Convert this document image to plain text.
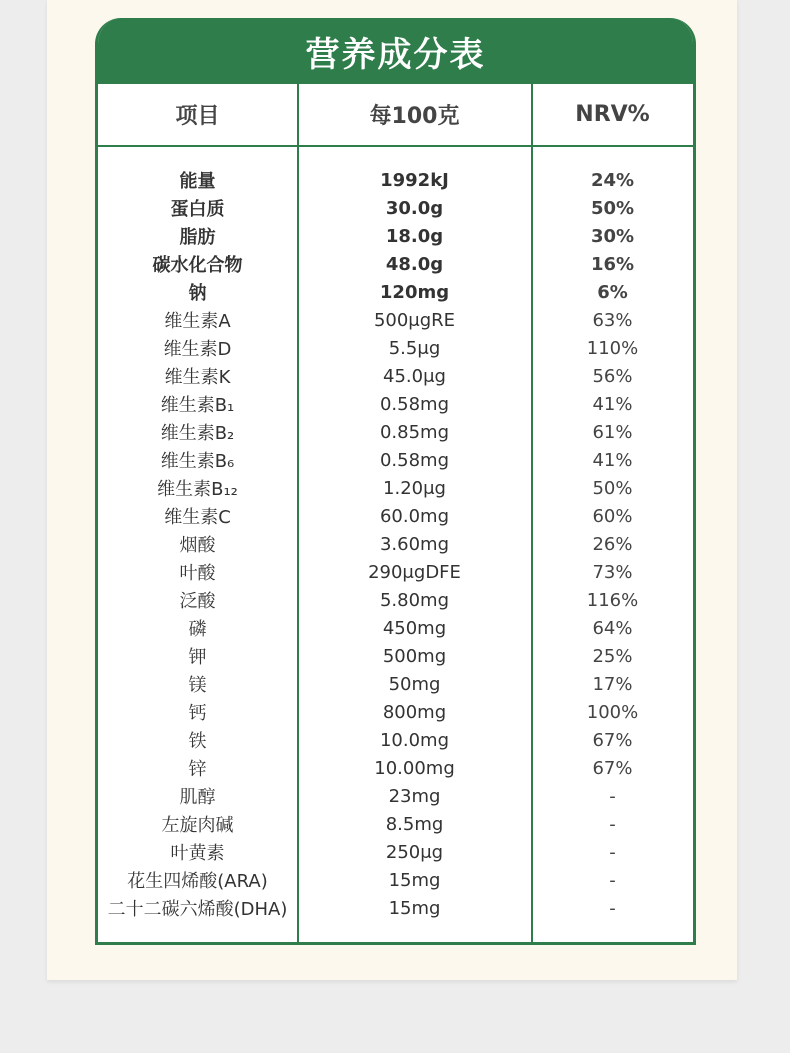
营养成分表
项目	每100克	NRV%
能量	1992kJ	24%
蛋白质	30.0g	50%
脂肪	18.0g	30%
碳水化合物	48.0g	16%
钠	120mg	6%
维生素A	500μgRE	63%
维生素D	5.5μg	110%
维生素K	45.0μg	56%
维生素B₁	0.58mg	41%
维生素B₂	0.85mg	61%
维生素B₆	0.58mg	41%
维生素B₁₂	1.20μg	50%
维生素C	60.0mg	60%
烟酸	3.60mg	26%
叶酸	290μgDFE	73%
泛酸	5.80mg	116%
磷	450mg	64%
钾	500mg	25%
镁	50mg	17%
钙	800mg	100%
铁	10.0mg	67%
锌	10.00mg	67%
肌醇	23mg	-
左旋肉碱	8.5mg	-
叶黄素	250μg	-
花生四烯酸(ARA)	15mg	-
二十二碳六烯酸(DHA)	15mg	-
